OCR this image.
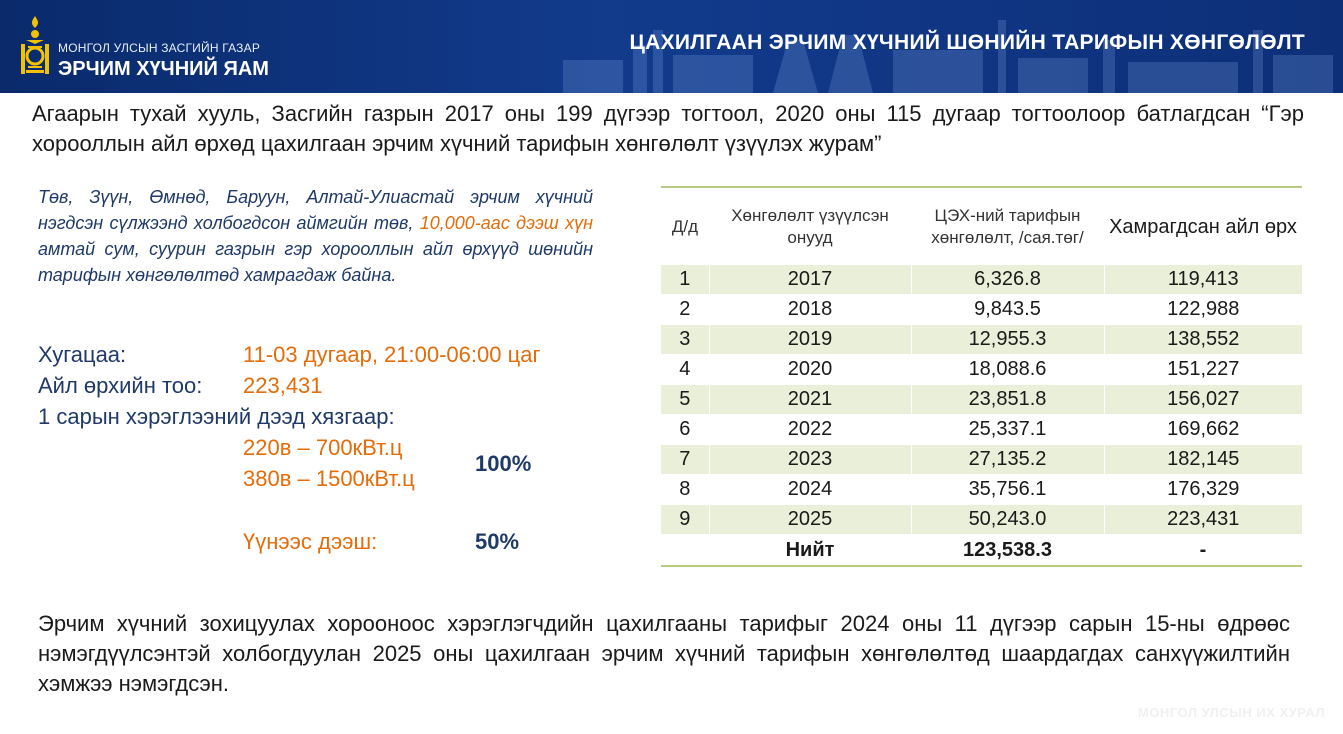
МОНГОЛ УЛСЫН ЗАСГИЙН ГАЗАР
ЭРЧИМ ХҮЧНИЙ ЯАМ
ЦАХИЛГААН ЭРЧИМ ХҮЧНИЙ ШӨНИЙН ТАРИФЫН ХӨНГӨЛӨЛТ
Агаарын тухай хууль, Засгийн газрын 2017 оны 199 дүгээр тогтоол, 2020 оны 115 дугаар тогтоолоор батлагдсан “Гэр хорооллын айл өрхөд цахилгаан эрчим хүчний тарифын хөнгөлөлт үзүүлэх журам”
Төв, Зүүн, Өмнөд, Баруун, Алтай-Улиастай эрчим хүчний нэгдсэн сүлжээнд холбогдсон аймгийн төв, 10,000-аас дээш хүн амтай сум, суурин газрын гэр хорооллын айл өрхүүд шөнийн тарифын хөнгөлөлтөд хамрагдаж байна.
Хугацаа:	11-03 дугаар, 21:00-06:00 цаг
Айл өрхийн тоо: 223,431
1 сарын хэрэглээний дээд хязгаар:
220в – 700кВт.ц
380в – 1500кВт.ц
100%
Үүнээс дээш:	50%
Д/д	Хөнгөлөлт үзүүлсэн онууд	ЦЭХ-ний тарифын хөнгөлөлт, /сая.төг/	Хамрагдсан айл өрх
1	2017	6,326.8	119,413
2	2018	9,843.5	122,988
3	2019	12,955.3	138,552
4	2020	18,088.6	151,227
5	2021	23,851.8	156,027
6	2022	25,337.1	169,662
7	2023	27,135.2	182,145
8	2024	35,756.1	176,329
9	2025	50,243.0	223,431
	Нийт	123,538.3	-
Эрчим хүчний зохицуулах хорооноос хэрэглэгчдийн цахилгааны тарифыг 2024 оны 11 дүгээр сарын 15-ны өдрөөс нэмэгдүүлсэнтэй холбогдуулан 2025 оны цахилгаан эрчим хүчний тарифын хөнгөлөлтөд шаардагдах санхүүжилтийн хэмжээ нэмэгдсэн.
МОНГОЛ УЛСЫН ИХ ХУРАЛ
